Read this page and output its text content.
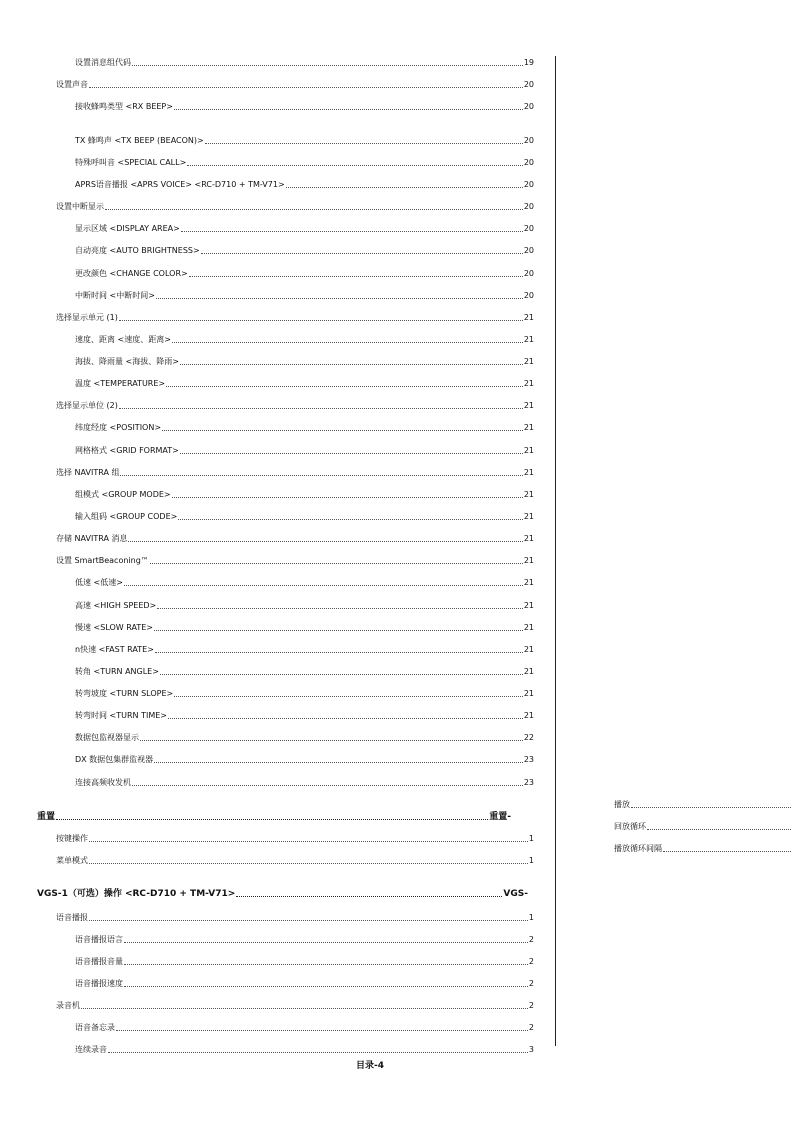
设置消息组代码	19
设置声音	20
接收蜂鸣类型 <RX BEEP>	20
TX 蜂鸣声 <TX BEEP (BEACON)>	20
特殊呼叫音 <SPECIAL CALL>	20
APRS语音播报 <APRS VOICE> <RC-D710 + TM-V71>	20
设置中断显示	20
显示区域 <DISPLAY AREA>	20
自动亮度 <AUTO BRIGHTNESS>	20
更改颜色 <CHANGE COLOR>	20
中断时间 <中断时间>	20
选择显示单元 (1)	21
速度、距离 <速度、距离>	21
海拔、降雨量 <海拔、降雨>	21
温度 <TEMPERATURE>	21
选择显示单位 (2)	21
纬度经度 <POSITION>	21
网格格式 <GRID FORMAT>	21
选择 NAVITRA 组	21
组模式 <GROUP MODE>	21
输入组码 <GROUP CODE>	21
存储 NAVITRA 消息	21
设置 SmartBeaconing™	21
低速 <低速>	21
高速 <HIGH SPEED>	21
慢速 <SLOW RATE>	21
n快速 <FAST RATE>	21
转角 <TURN ANGLE>	21
转弯坡度 <TURN SLOPE>	21
转弯时间 <TURN TIME>	21
数据包监视器显示	22
DX 数据包集群监视器	23
连接高频收发机	23
重置	重置-
按键操作	1
菜单模式	1
VGS-1（可选）操作 <RC-D710 + TM-V71>	VGS-
语音播报	1
语音播报语言	2
语音播报音量	2
语音播报速度	2
录音机	2
语音备忘录	2
连续录音	3
播放
回放循环
播放循环间隔
目录-4
